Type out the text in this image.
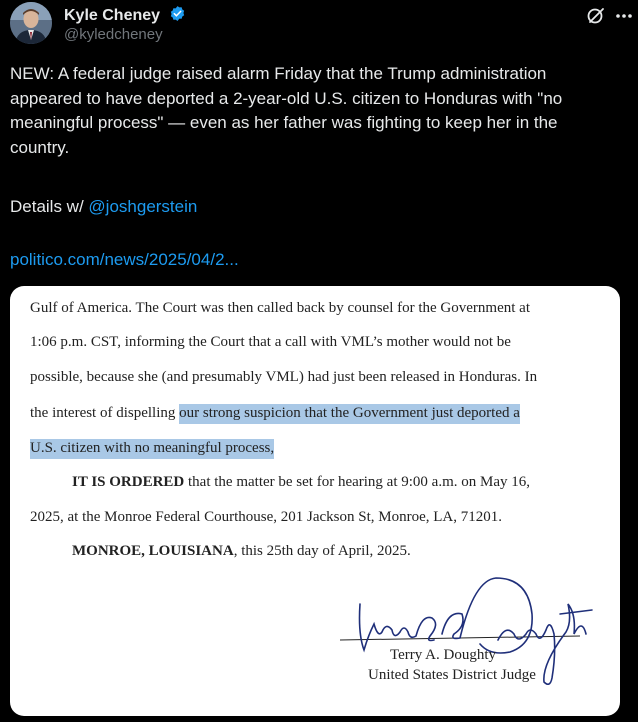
Kyle Cheney
@kyledcheney

NEW: A federal judge raised alarm Friday that the Trump administration

appeared to have deported a 2-year-old U.S. citizen to Honduras with "no

meaningful process" — even as her father was fighting to keep her in the

country.

Details w/ @joshgerstein
politico.com/news/2025/04/2...
Gulf of America. The Court was then called back by counsel for the Government at
1:06 p.m. CST, informing the Court that a call with VML’s mother would not be
possible, because she (and presumably VML) had just been released in Honduras. In
the interest of dispelling our strong suspicion that the Government just deported a
U.S. citizen with no meaningful process,
IT IS ORDERED that the matter be set for hearing at 9:00 a.m. on May 16,
2025, at the Monroe Federal Courthouse, 201 Jackson St, Monroe, LA, 71201.
MONROE, LOUISIANA, this 25th day of April, 2025.
Terry A. Doughty
United States District Judge
